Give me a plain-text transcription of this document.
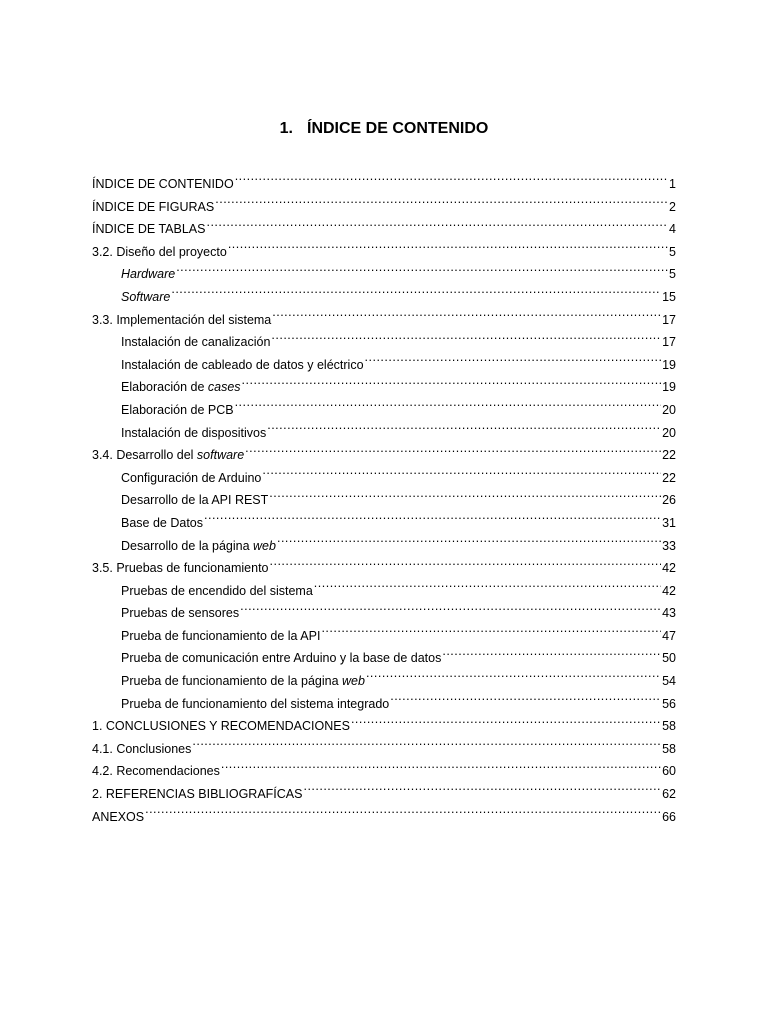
1. ÍNDICE DE CONTENIDO
ÍNDICE DE CONTENIDO .....	1
ÍNDICE DE FIGURAS .....	2
ÍNDICE DE TABLAS .....	4
3.2. Diseño del proyecto .....	5
Hardware .....	5
Software .....	15
3.3. Implementación del sistema .....	17
Instalación de canalización .....	17
Instalación de cableado de datos y eléctrico .....	19
Elaboración de cases .....	19
Elaboración de PCB .....	20
Instalación de dispositivos .....	20
3.4. Desarrollo del software .....	22
Configuración de Arduino .....	22
Desarrollo de la API REST .....	26
Base de Datos .....	31
Desarrollo de la página web .....	33
3.5. Pruebas de funcionamiento .....	42
Pruebas de encendido del sistema .....	42
Pruebas de sensores .....	43
Prueba de funcionamiento de la API .....	47
Prueba de comunicación entre Arduino y la base de datos .....	50
Prueba de funcionamiento de la página web .....	54
Prueba de funcionamiento del sistema integrado .....	56
1. CONCLUSIONES Y RECOMENDACIONES .....	58
4.1. Conclusiones .....	58
4.2. Recomendaciones .....	60
2. REFERENCIAS BIBLIOGRAFÍCAS .....	62
ANEXOS .....	66
